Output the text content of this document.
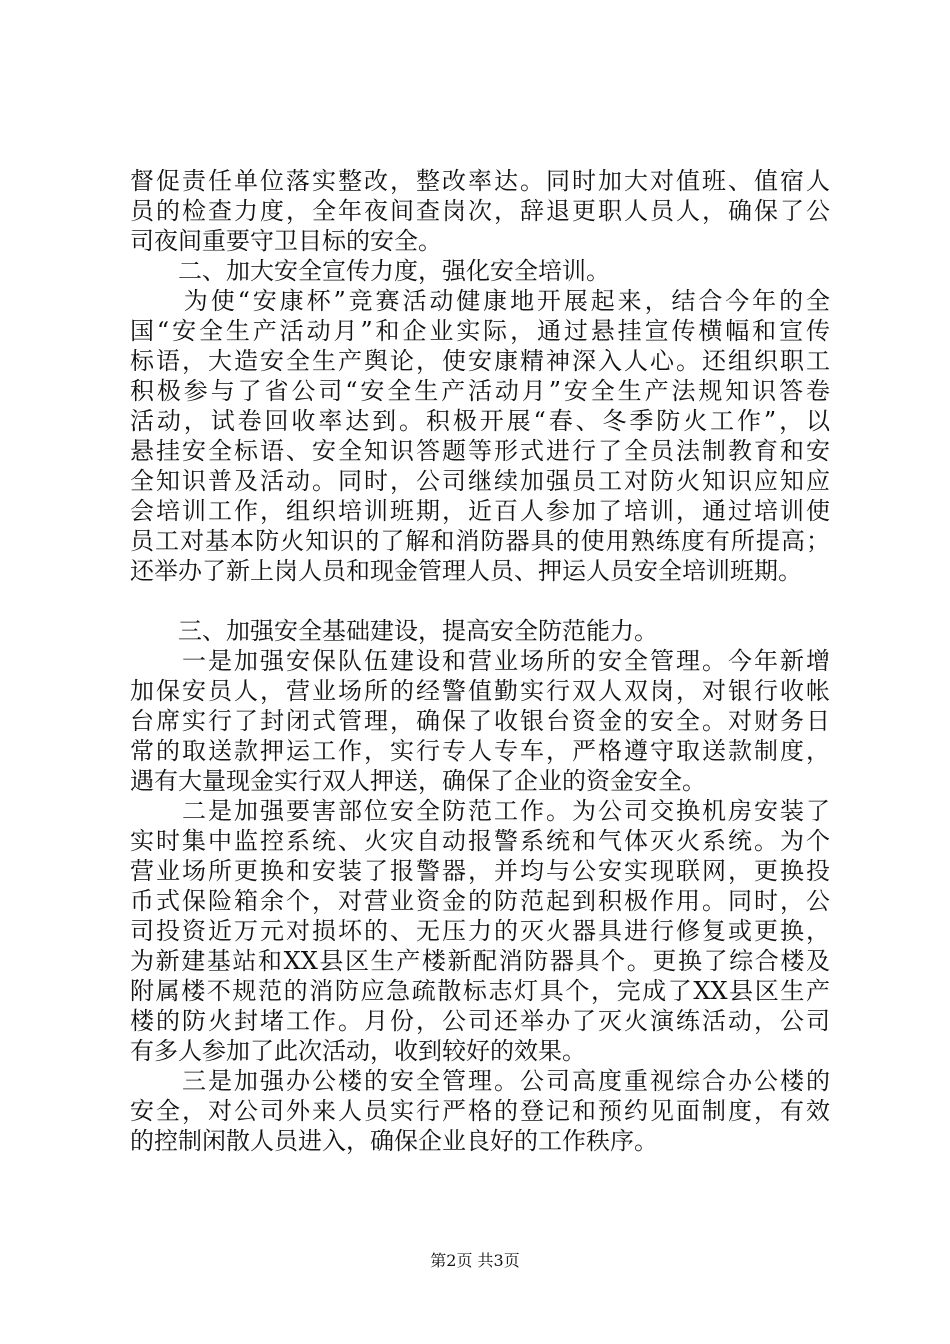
督促责任单位落实整改，整改率达。同时加大对值班、值宿人
员的检查力度，全年夜间查岗次，辞退更职人员人，确保了公
司夜间重要守卫目标的安全。
　　二、加大安全宣传力度，强化安全培训。
　　为使“安康杯”竞赛活动健康地开展起来，结合今年的全
国“安全生产活动月”和企业实际，通过悬挂宣传横幅和宣传
标语，大造安全生产舆论，使安康精神深入人心。还组织职工
积极参与了省公司“安全生产活动月”安全生产法规知识答卷
活动，试卷回收率达到。积极开展“春、冬季防火工作”，以
悬挂安全标语、安全知识答题等形式进行了全员法制教育和安
全知识普及活动。同时，公司继续加强员工对防火知识应知应
会培训工作，组织培训班期，近百人参加了培训，通过培训使
员工对基本防火知识的了解和消防器具的使用熟练度有所提高；
还举办了新上岗人员和现金管理人员、押运人员安全培训班期。
　　三、加强安全基础建设，提高安全防范能力。
　　一是加强安保队伍建设和营业场所的安全管理。今年新增
加保安员人，营业场所的经警值勤实行双人双岗，对银行收帐
台席实行了封闭式管理，确保了收银台资金的安全。对财务日
常的取送款押运工作，实行专人专车，严格遵守取送款制度，
遇有大量现金实行双人押送，确保了企业的资金安全。
　　二是加强要害部位安全防范工作。为公司交换机房安装了
实时集中监控系统、火灾自动报警系统和气体灭火系统。为个
营业场所更换和安装了报警器，并均与公安实现联网，更换投
币式保险箱余个，对营业资金的防范起到积极作用。同时，公
司投资近万元对损坏的、无压力的灭火器具进行修复或更换，
为新建基站和XX县区生产楼新配消防器具个。更换了综合楼及
附属楼不规范的消防应急疏散标志灯具个，完成了XX县区生产
楼的防火封堵工作。月份，公司还举办了灭火演练活动，公司
有多人参加了此次活动，收到较好的效果。
　　三是加强办公楼的安全管理。公司高度重视综合办公楼的
安全，对公司外来人员实行严格的登记和预约见面制度，有效
的控制闲散人员进入，确保企业良好的工作秩序。
第2页 共3页
